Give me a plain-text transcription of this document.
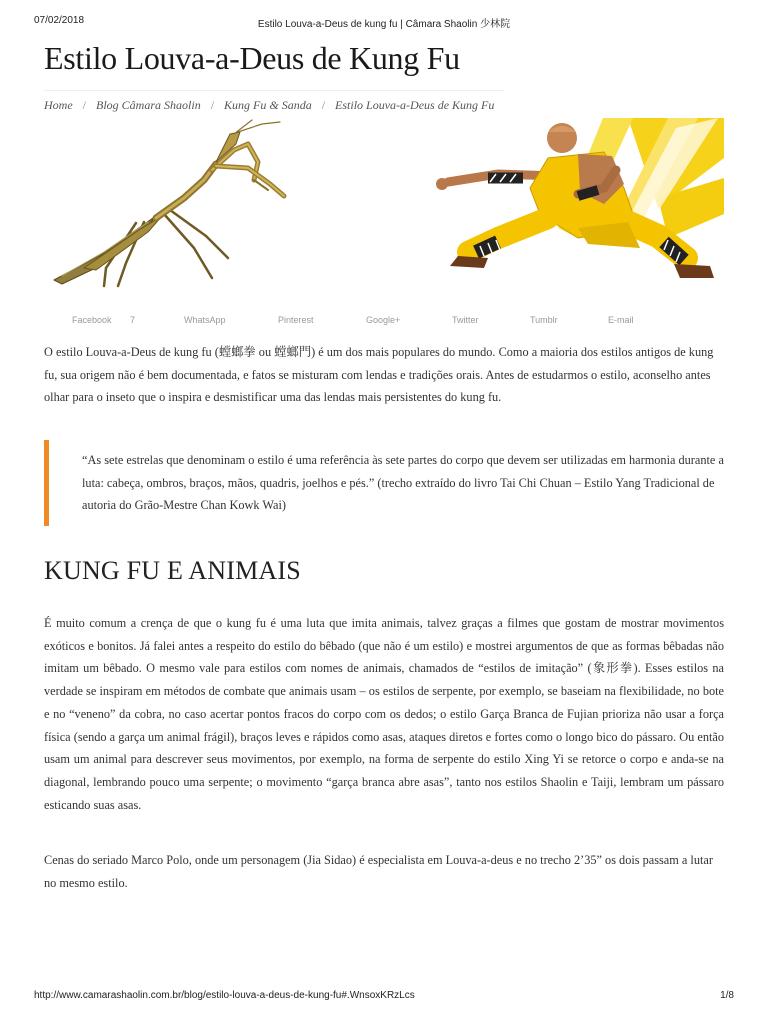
07/02/2018	Estilo Louva-a-Deus de kung fu | Câmara Shaolin 少林院
Estilo Louva-a-Deus de Kung Fu
Home / Blog Câmara Shaolin / Kung Fu & Sanda / Estilo Louva-a-Deus de Kung Fu
Facebook 7	WhatsApp	Pinterest	Google+	Twitter	Tumblr	E-mail

O estilo Louva-a-Deus de kung fu (螳螂拳 ou 螳螂門) é um dos mais populares do mundo. Como a maioria dos estilos antigos de kung fu, sua origem não é bem documentada, e fatos se misturam com lendas e tradições orais. Antes de estudarmos o estilo, aconselho antes olhar para o inseto que o inspira e desmistificar uma das lendas mais persistentes do kung fu.

“As sete estrelas que denominam o estilo é uma referência às sete partes do corpo que devem ser utilizadas em harmonia durante a luta: cabeça, ombros, braços, mãos, quadris, joelhos e pés.” (trecho extraído do livro Tai Chi Chuan – Estilo Yang Tradicional de autoria do Grão-Mestre Chan Kowk Wai)

KUNG FU E ANIMAIS

É muito comum a crença de que o kung fu é uma luta que imita animais, talvez graças a filmes que gostam de mostrar movimentos exóticos e bonitos. Já falei antes a respeito do estilo do bêbado (que não é um estilo) e mostrei argumentos de que as formas bêbadas não imitam um bêbado. O mesmo vale para estilos com nomes de animais, chamados de “estilos de imitação” (象形拳). Esses estilos na verdade se inspiram em métodos de combate que animais usam – os estilos de serpente, por exemplo, se baseiam na flexibilidade, no bote e no “veneno” da cobra, no caso acertar pontos fracos do corpo com os dedos; o estilo Garça Branca de Fujian prioriza não usar a força física (sendo a garça um animal frágil), braços leves e rápidos como asas, ataques diretos e fortes como o longo bico do pássaro. Ou então usam um animal para descrever seus movimentos, por exemplo, na forma de serpente do estilo Xing Yi se retorce o corpo e anda-se na diagonal, lembrando pouco uma serpente; o movimento “garça branca abre asas”, tanto nos estilos Shaolin e Taiji, lembram um pássaro esticando suas asas.

Cenas do seriado Marco Polo, onde um personagem (Jia Sidao) é especialista em Louva-a-deus e no trecho 2’35” os dois passam a lutar no mesmo estilo.

http://www.camarashaolin.com.br/blog/estilo-louva-a-deus-de-kung-fu#.WnsoxKRzLcs	1/8
